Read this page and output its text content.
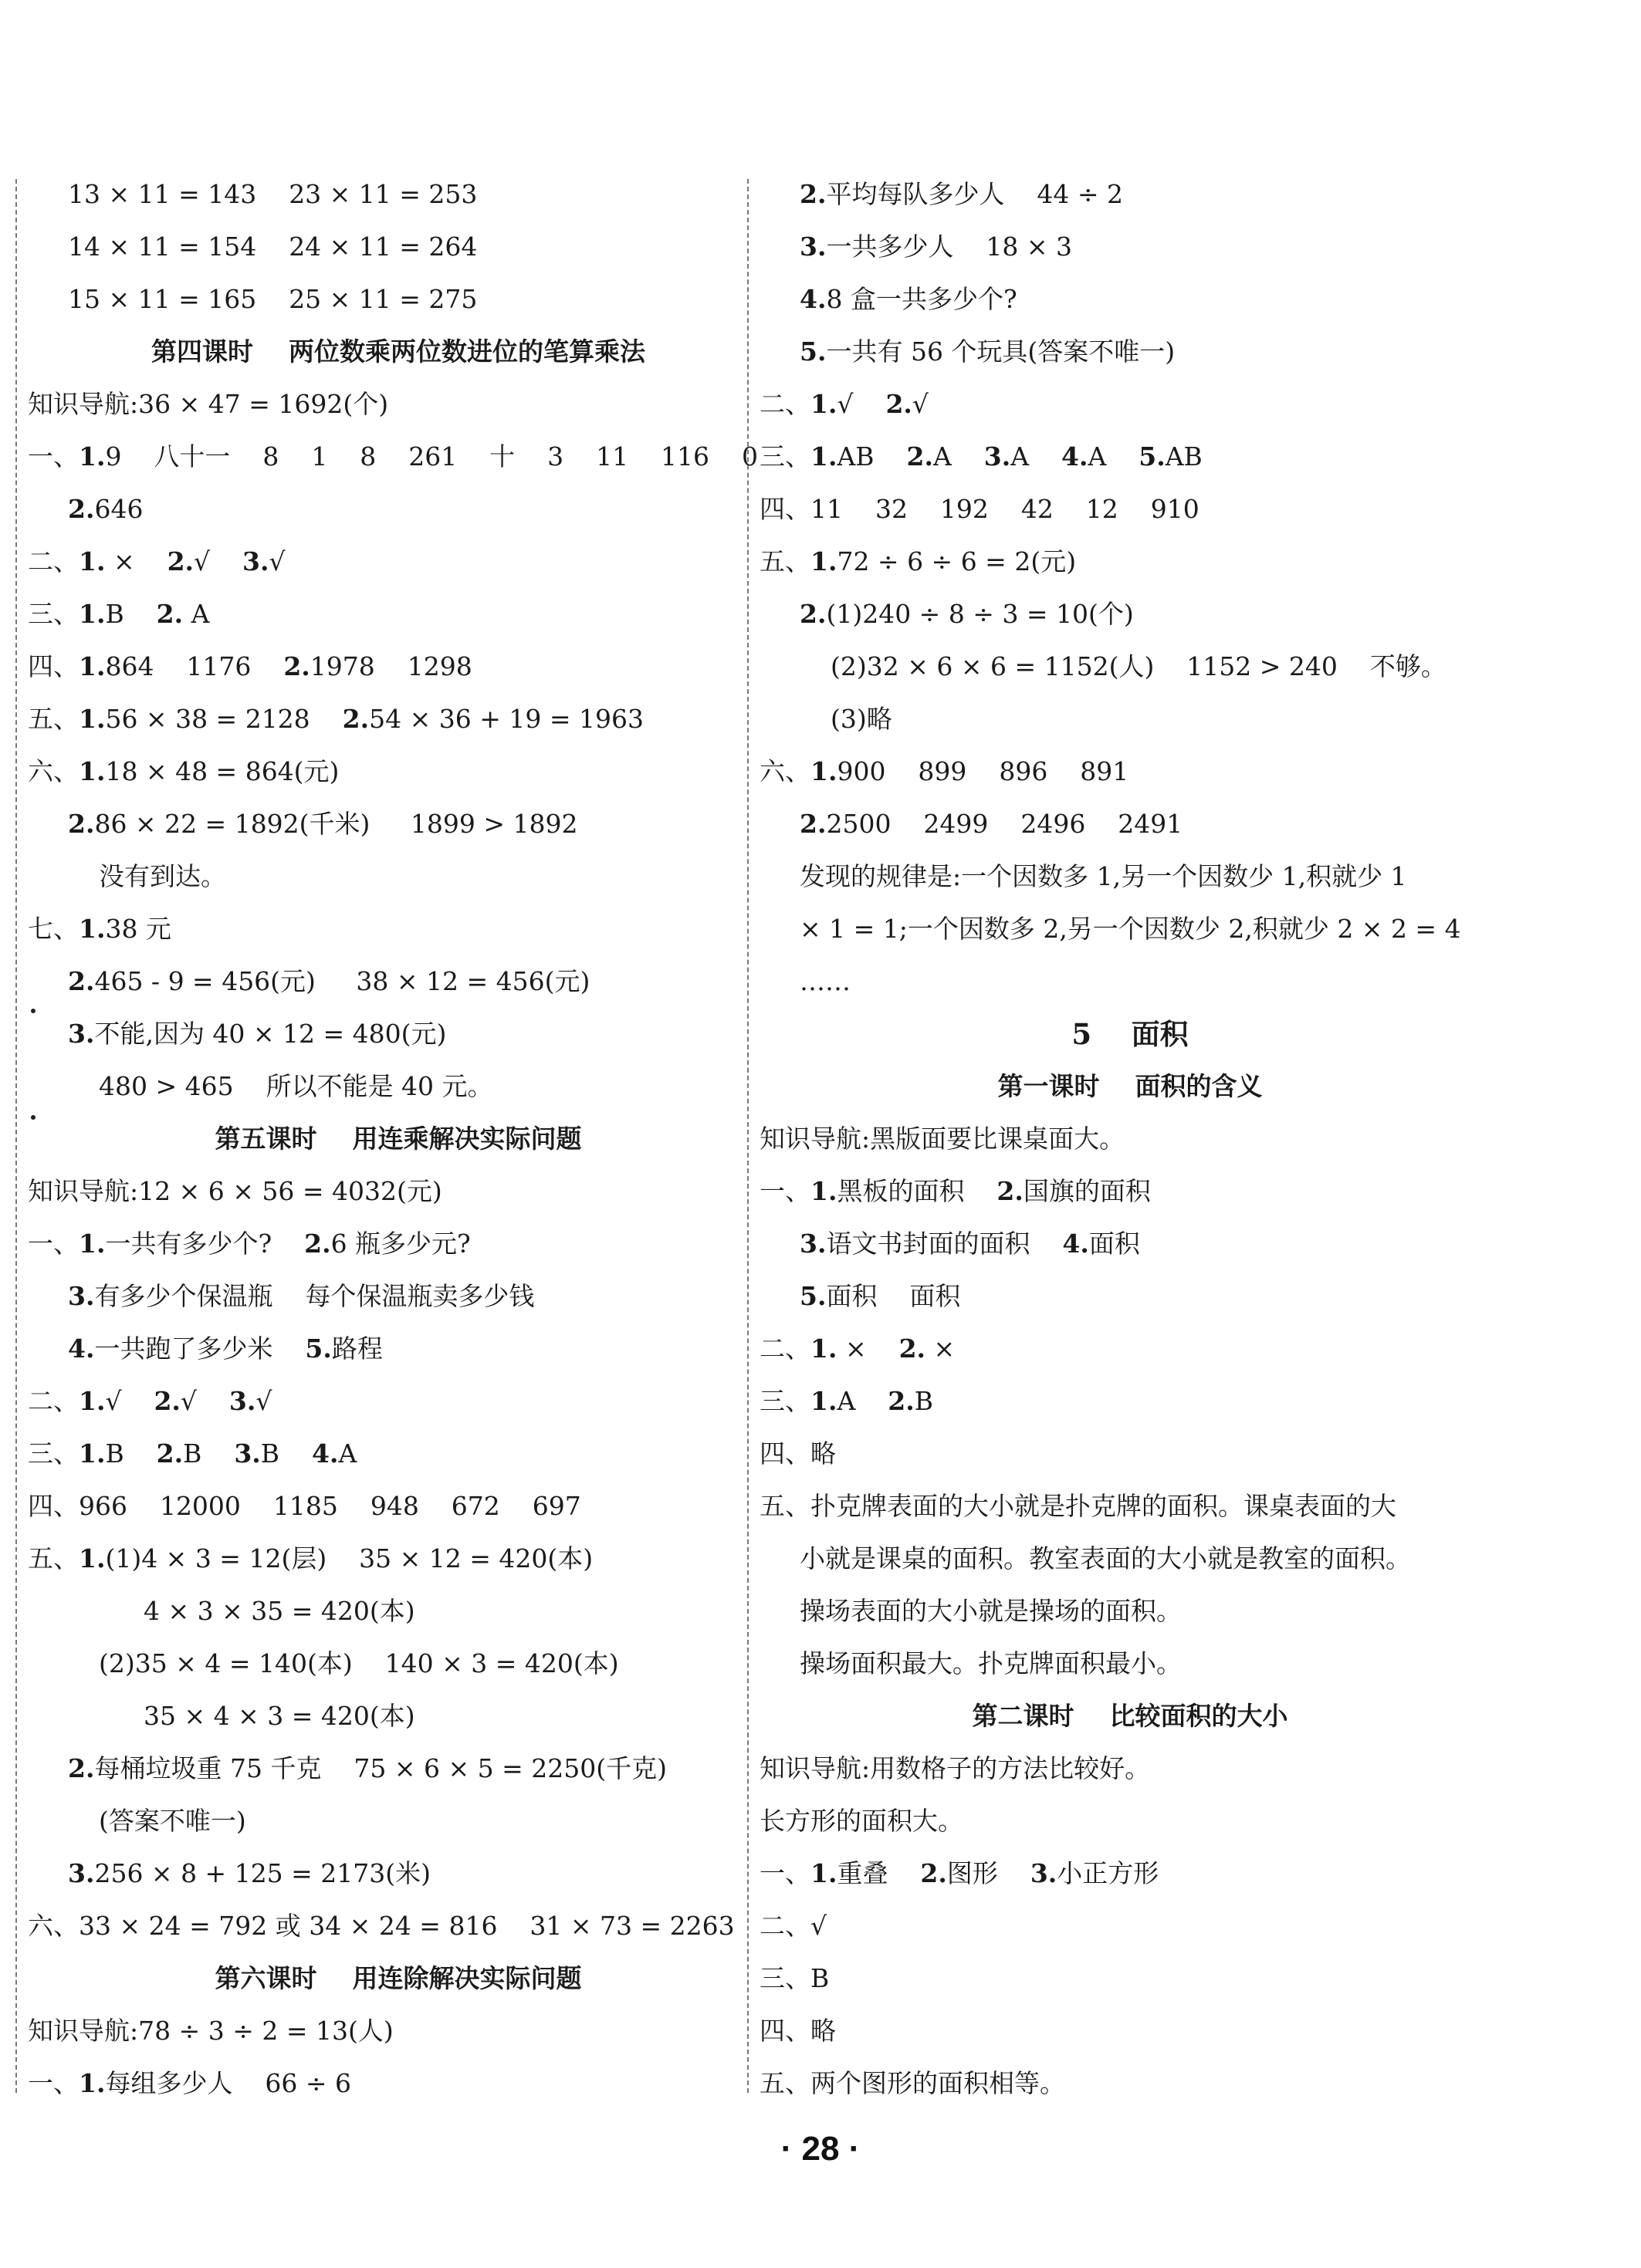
13 × 11 = 143    23 × 11 = 253
14 × 11 = 154    24 × 11 = 264
15 × 11 = 165    25 × 11 = 275
第四课时    两位数乘两位数进位的笔算乘法
知识导航:36 × 47 = 1692(个)
一、1.9    八十一    8    1    8    261    十    3    11    116    0
2.646
二、1. ×    2.√    3.√
三、1.B    2. A
四、1.864    1176    2.1978    1298
五、1.56 × 38 = 2128    2.54 × 36 + 19 = 1963
六、1.18 × 48 = 864(元)
2.86 × 22 = 1892(千米)     1899 > 1892
没有到达。
七、1.38 元
2.465 - 9 = 456(元)     38 × 12 = 456(元)
3.不能,因为 40 × 12 = 480(元)
480 > 465    所以不能是 40 元。
第五课时    用连乘解决实际问题
知识导航:12 × 6 × 56 = 4032(元)
一、1.一共有多少个?    2.6 瓶多少元?
3.有多少个保温瓶    每个保温瓶卖多少钱
4.一共跑了多少米    5.路程
二、1.√    2.√    3.√
三、1.B    2.B    3.B    4.A
四、966    12000    1185    948    672    697
五、1.(1)4 × 3 = 12(层)    35 × 12 = 420(本)
4 × 3 × 35 = 420(本)
(2)35 × 4 = 140(本)    140 × 3 = 420(本)
35 × 4 × 3 = 420(本)
2.每桶垃圾重 75 千克    75 × 6 × 5 = 2250(千克)
(答案不唯一)
3.256 × 8 + 125 = 2173(米)
六、33 × 24 = 792 或 34 × 24 = 816    31 × 73 = 2263
第六课时    用连除解决实际问题
知识导航:78 ÷ 3 ÷ 2 = 13(人)
一、1.每组多少人    66 ÷ 6
2.平均每队多少人    44 ÷ 2
3.一共多少人    18 × 3
4.8 盒一共多少个?
5.一共有 56 个玩具(答案不唯一)
二、1.√    2.√
三、1.AB    2.A    3.A    4.A    5.AB
四、11    32    192    42    12    910
五、1.72 ÷ 6 ÷ 6 = 2(元)
2.(1)240 ÷ 8 ÷ 3 = 10(个)
(2)32 × 6 × 6 = 1152(人)    1152 > 240    不够。
(3)略
六、1.900    899    896    891
2.2500    2499    2496    2491
发现的规律是:一个因数多 1,另一个因数少 1,积就少 1
× 1 = 1;一个因数多 2,另一个因数少 2,积就少 2 × 2 = 4
……
5    面积
第一课时    面积的含义
知识导航:黑版面要比课桌面大。
一、1.黑板的面积    2.国旗的面积
3.语文书封面的面积    4.面积
5.面积    面积
二、1. ×    2. ×
三、1.A    2.B
四、略
五、扑克牌表面的大小就是扑克牌的面积。课桌表面的大
小就是课桌的面积。教室表面的大小就是教室的面积。
操场表面的大小就是操场的面积。
操场面积最大。扑克牌面积最小。
第二课时    比较面积的大小
知识导航:用数格子的方法比较好。
长方形的面积大。
一、1.重叠    2.图形    3.小正方形
二、√
三、B
四、略
五、两个图形的面积相等。
· 28 ·
